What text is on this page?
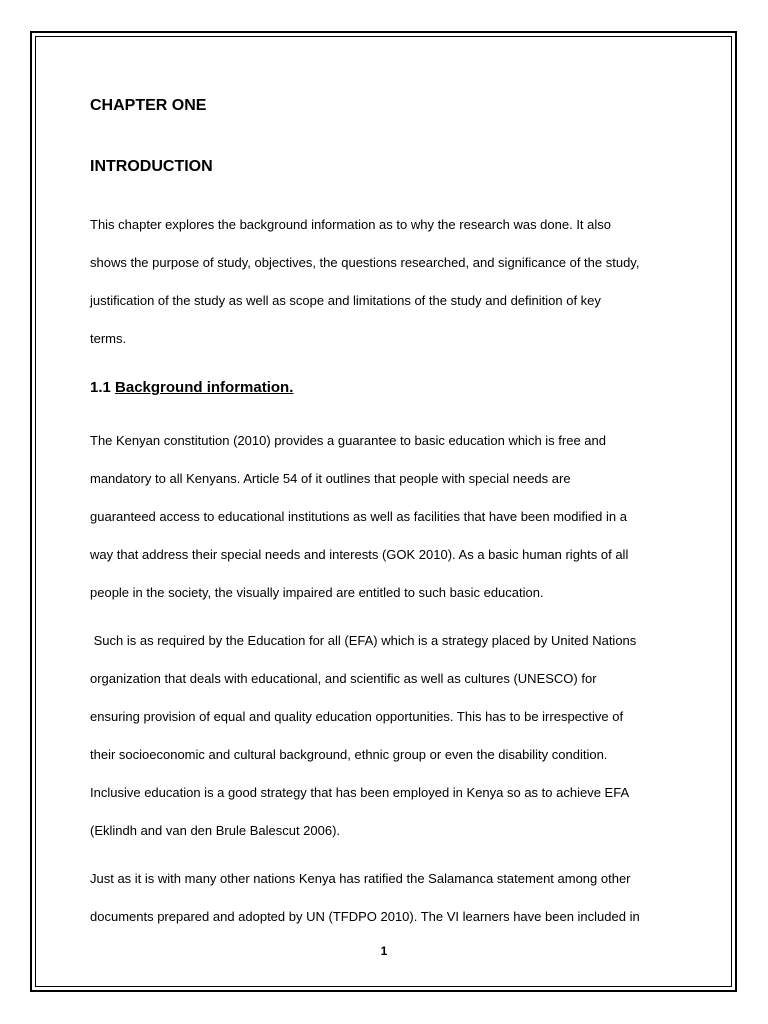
CHAPTER ONE
INTRODUCTION
This chapter explores the background information as to why the research was done. It also
shows the purpose of study, objectives, the questions researched, and significance of the study,
justification of the study as well as scope and limitations of the study and definition of key
terms.
1.1 Background information.
The Kenyan constitution (2010) provides a guarantee to basic education which is free and
mandatory to all Kenyans. Article 54 of it outlines that people with special needs are
guaranteed access to educational institutions as well as facilities that have been modified in a
way that address their special needs and interests (GOK 2010). As a basic human rights of all
people in the society, the visually impaired are entitled to such basic education.
Such is as required by the Education for all (EFA) which is a strategy placed by United Nations
organization that deals with educational, and scientific as well as cultures (UNESCO) for
ensuring provision of equal and quality education opportunities. This has to be irrespective of
their socioeconomic and cultural background, ethnic group or even the disability condition.
Inclusive education is a good strategy that has been employed in Kenya so as to achieve EFA
(Eklindh and van den Brule Balescut 2006).
Just as it is with many other nations Kenya has ratified the Salamanca statement among other
documents prepared and adopted by UN (TFDPO 2010). The VI learners have been included in
1
